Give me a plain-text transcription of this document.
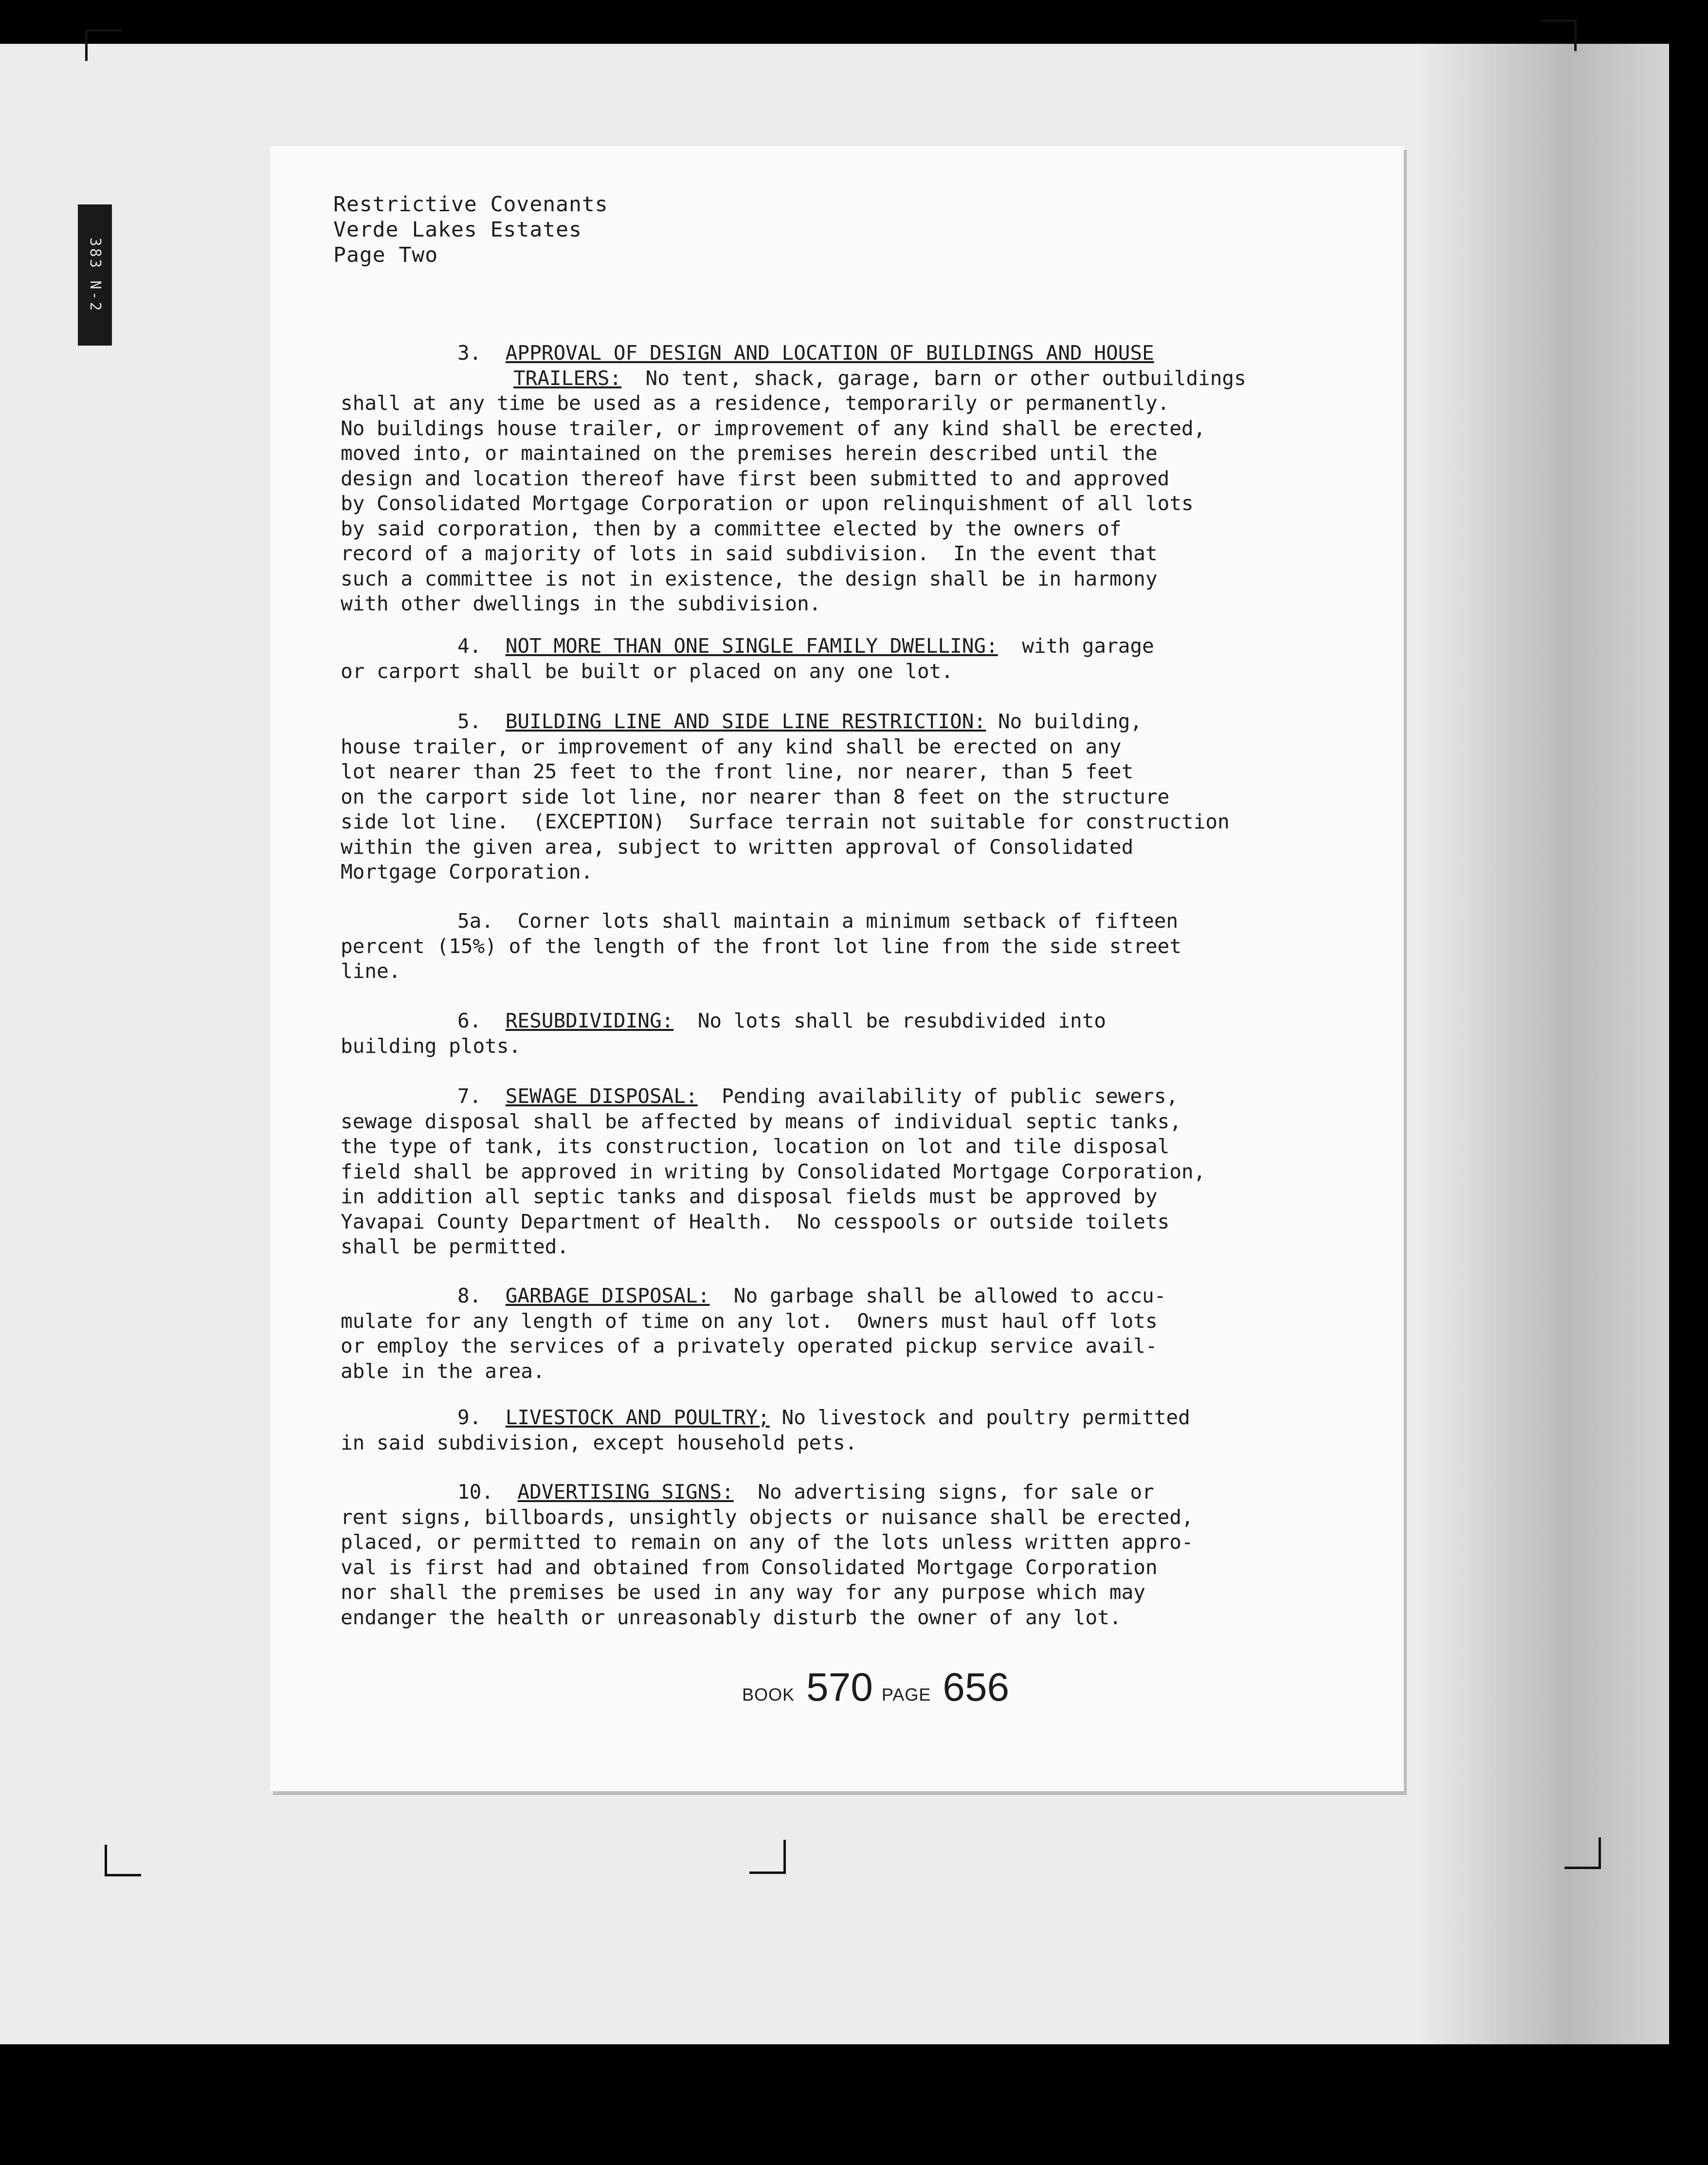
383 N-2
Restrictive Covenants
Verde Lakes Estates
Page Two
3. APPROVAL OF DESIGN AND LOCATION OF BUILDINGS AND HOUSE
TRAILERS: No tent, shack, garage, barn or other outbuildings
shall at any time be used as a residence, temporarily or permanently.
No buildings house trailer, or improvement of any kind shall be erected,
moved into, or maintained on the premises herein described until the
design and location thereof have first been submitted to and approved
by Consolidated Mortgage Corporation or upon relinquishment of all lots
by said corporation, then by a committee elected by the owners of
record of a majority of lots in said subdivision.  In the event that
such a committee is not in existence, the design shall be in harmony
with other dwellings in the subdivision.
4. NOT MORE THAN ONE SINGLE FAMILY DWELLING: with garage
or carport shall be built or placed on any one lot.
5. BUILDING LINE AND SIDE LINE RESTRICTION: No building,
house trailer, or improvement of any kind shall be erected on any
lot nearer than 25 feet to the front line, nor nearer, than 5 feet
on the carport side lot line, nor nearer than 8 feet on the structure
side lot line.  (EXCEPTION)  Surface terrain not suitable for construction
within the given area, subject to written approval of Consolidated
Mortgage Corporation.
5a. Corner lots shall maintain a minimum setback of fifteen
percent (15%) of the length of the front lot line from the side street
line.
6. RESUBDIVIDING: No lots shall be resubdivided into
building plots.
7. SEWAGE DISPOSAL: Pending availability of public sewers,
sewage disposal shall be affected by means of individual septic tanks,
the type of tank, its construction, location on lot and tile disposal
field shall be approved in writing by Consolidated Mortgage Corporation,
in addition all septic tanks and disposal fields must be approved by
Yavapai County Department of Health.  No cesspools or outside toilets
shall be permitted.
8. GARBAGE DISPOSAL: No garbage shall be allowed to accu-
mulate for any length of time on any lot.  Owners must haul off lots
or employ the services of a privately operated pickup service avail-
able in the area.
9. LIVESTOCK AND POULTRY; No livestock and poultry permitted
in said subdivision, except household pets.
10. ADVERTISING SIGNS: No advertising signs, for sale or
rent signs, billboards, unsightly objects or nuisance shall be erected,
placed, or permitted to remain on any of the lots unless written appro-
val is first had and obtained from Consolidated Mortgage Corporation
nor shall the premises be used in any way for any purpose which may
endanger the health or unreasonably disturb the owner of any lot.
BOOK 570 PAGE 656
